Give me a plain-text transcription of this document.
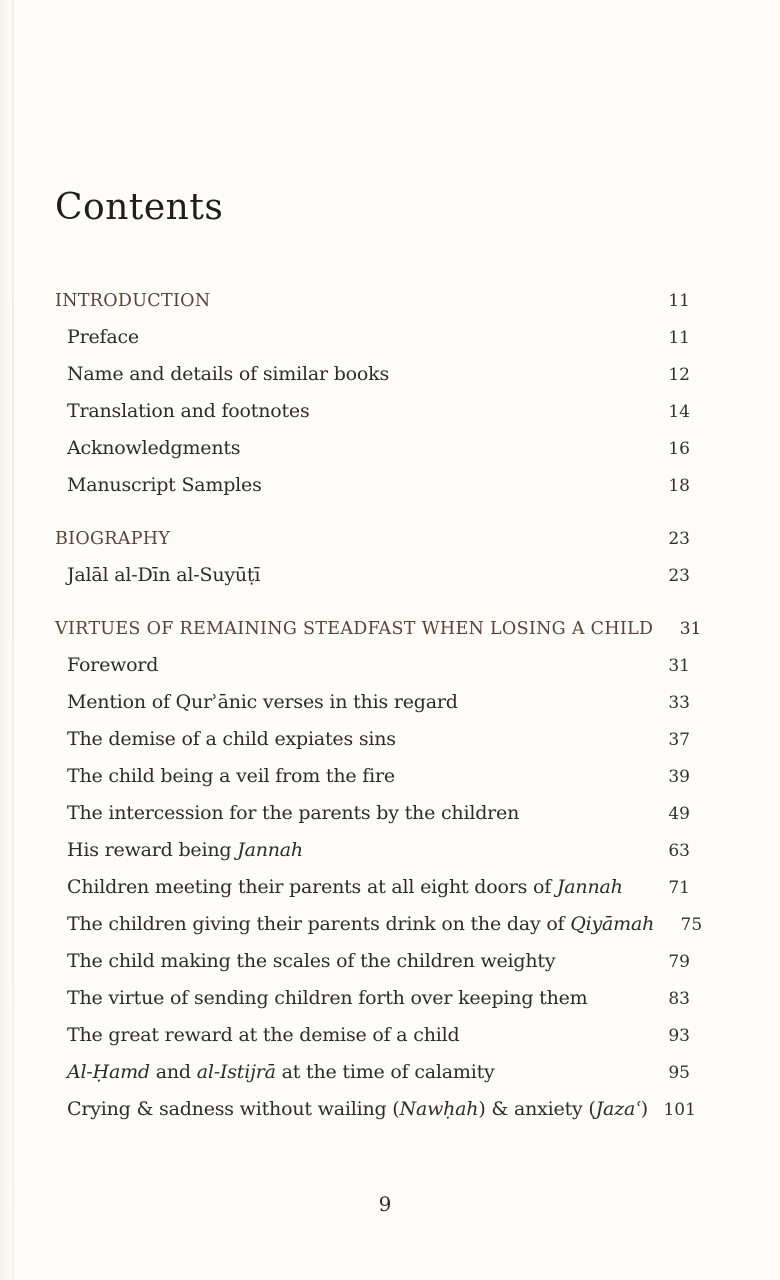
Contents
INTRODUCTION	11
Preface	11
Name and details of similar books	12
Translation and footnotes	14
Acknowledgments	16
Manuscript Samples	18
BIOGRAPHY	23
Jalāl al-Dīn al-Suyūṭī	23
VIRTUES OF REMAINING STEADFAST WHEN LOSING A CHILD	31
Foreword	31
Mention of Qurʾānic verses in this regard	33
The demise of a child expiates sins	37
The child being a veil from the fire	39
The intercession for the parents by the children	49
His reward being Jannah	63
Children meeting their parents at all eight doors of Jannah	71
The children giving their parents drink on the day of Qiyāmah	75
The child making the scales of the children weighty	79
The virtue of sending children forth over keeping them	83
The great reward at the demise of a child	93
Al-Ḥamd and al-Istijrā at the time of calamity	95
Crying & sadness without wailing (Nawḥah) & anxiety (Jazaʿ) 101
9
